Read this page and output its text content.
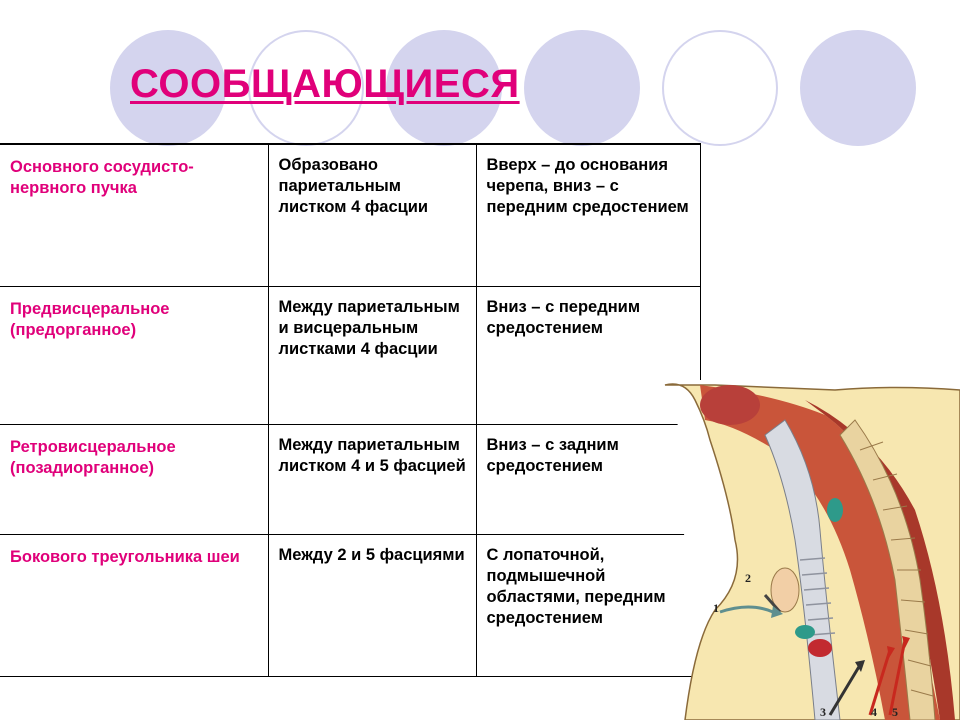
СООБЩАЮЩИЕСЯ
Основного сосудисто- нервного пучка	Образовано париетальным листком 4 фасции	Вверх – до основания черепа, вниз – с передним средостением
Предвисцеральное (предорганное)	Между париетальным и висцеральным листками 4 фасции	Вниз – с передним средостением
Ретровисцеральное (позадиорганное)	Между париетальным листком 4 и 5 фасцией	Вниз – с задним средостением
Бокового треугольника шеи	Между 2 и 5 фасциями	С лопаточной, подмышечной областями, передним средостением
1
2
3	4 5
